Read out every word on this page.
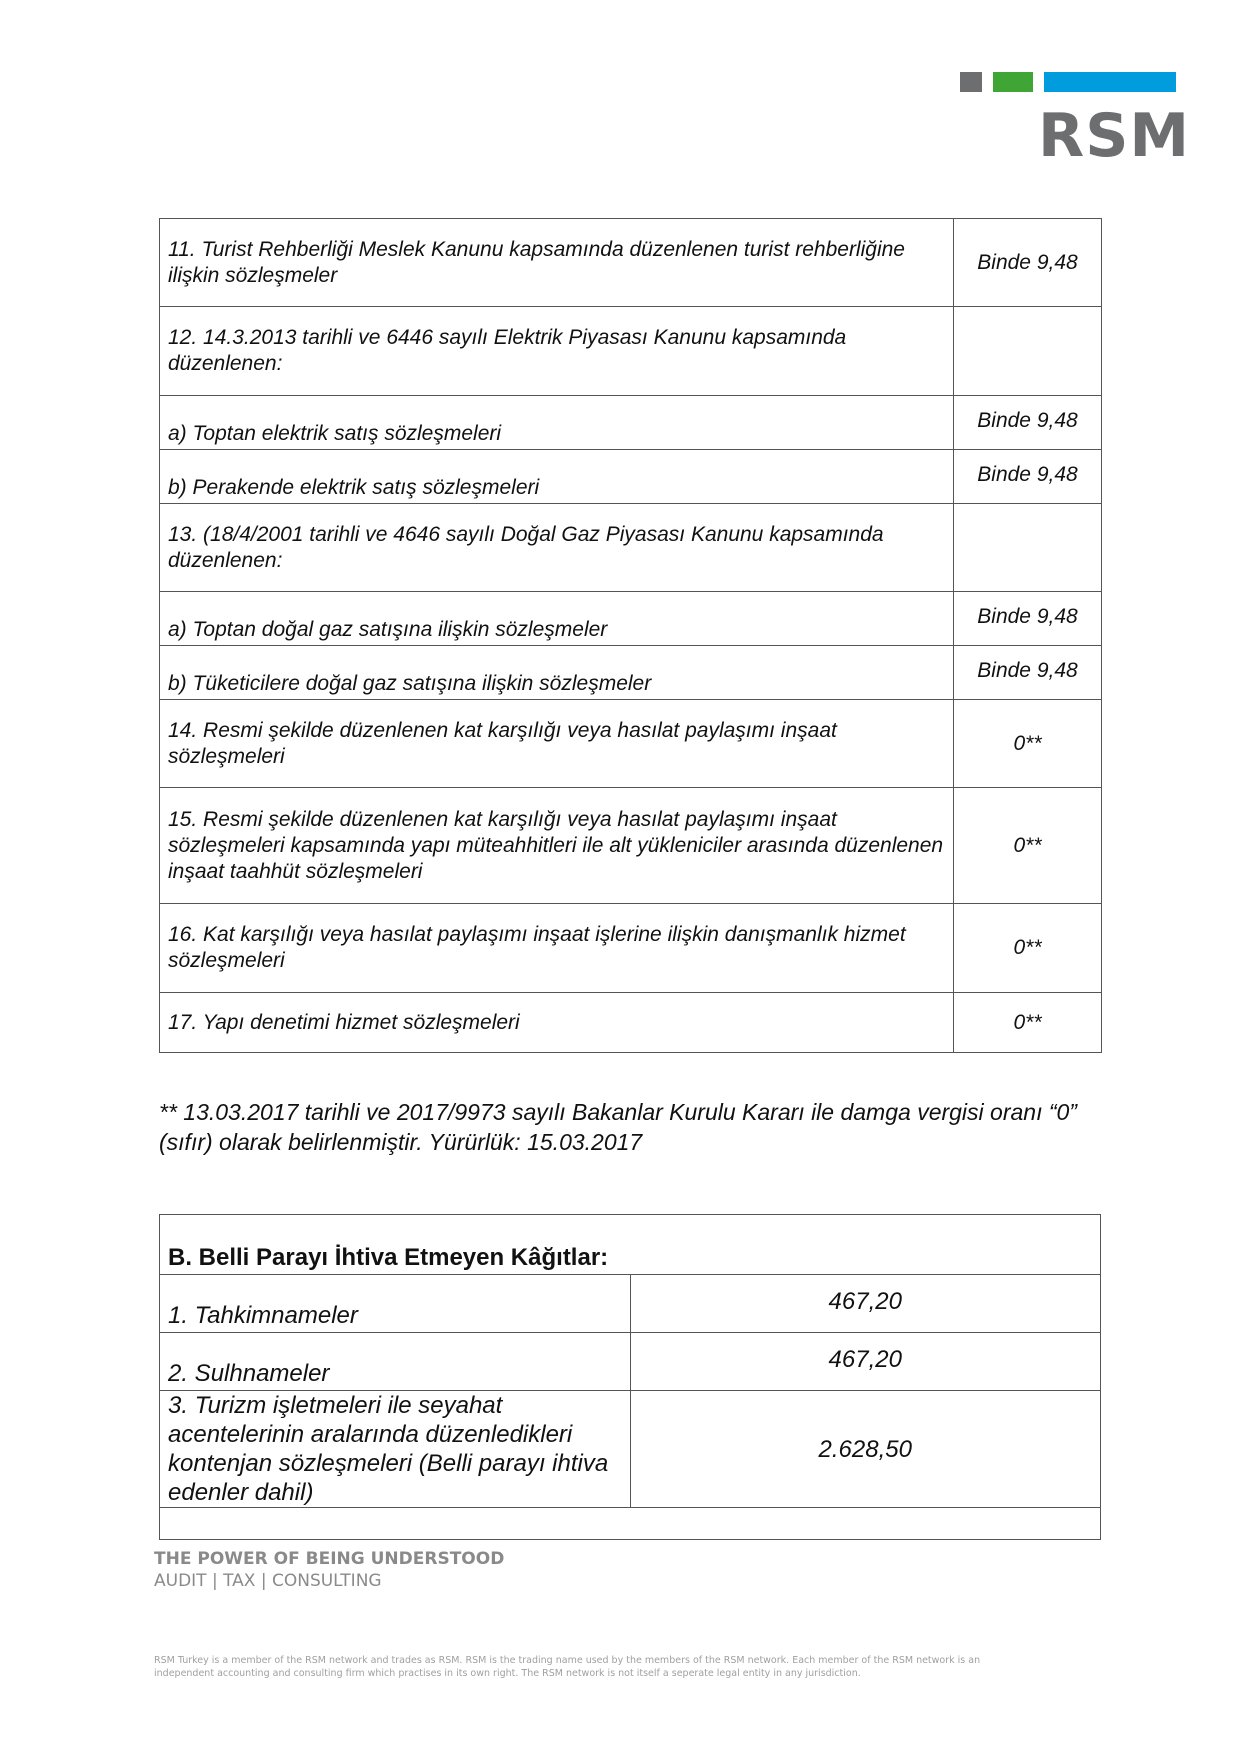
RSM
11. Turist Rehberliği Meslek Kanunu kapsamında düzenlenen turist rehberliğine ilişkin sözleşmeler	Binde 9,48
12. 14.3.2013 tarihli ve 6446 sayılı Elektrik Piyasası Kanunu kapsamında düzenlenen:	
a) Toptan elektrik satış sözleşmeleri	Binde 9,48
b) Perakende elektrik satış sözleşmeleri	Binde 9,48
13. (18/4/2001 tarihli ve 4646 sayılı Doğal Gaz Piyasası Kanunu kapsamında düzenlenen:	
a) Toptan doğal gaz satışına ilişkin sözleşmeler	Binde 9,48
b) Tüketicilere doğal gaz satışına ilişkin sözleşmeler	Binde 9,48
14. Resmi şekilde düzenlenen kat karşılığı veya hasılat paylaşımı inşaat sözleşmeleri	0**
15. Resmi şekilde düzenlenen kat karşılığı veya hasılat paylaşımı inşaat sözleşmeleri kapsamında yapı müteahhitleri ile alt yükleniciler arasında düzenlenen inşaat taahhüt sözleşmeleri	0**
16. Kat karşılığı veya hasılat paylaşımı inşaat işlerine ilişkin danışmanlık hizmet sözleşmeleri	0**
17. Yapı denetimi hizmet sözleşmeleri	0**
** 13.03.2017 tarihli ve 2017/9973 sayılı Bakanlar Kurulu Kararı ile damga vergisi oranı “0” (sıfır) olarak belirlenmiştir. Yürürlük: 15.03.2017
B. Belli Parayı İhtiva Etmeyen Kâğıtlar:	
1. Tahkimnameler	467,20
2. Sulhnameler	467,20
3. Turizm işletmeleri ile seyahat acentelerinin aralarında düzenledikleri kontenjan sözleşmeleri (Belli parayı ihtiva edenler dahil)	2.628,50

THE POWER OF BEING UNDERSTOOD
AUDIT | TAX | CONSULTING
RSM Turkey is a member of the RSM network and trades as RSM. RSM is the trading name used by the members of the RSM network. Each member of the RSM network is an independent accounting and consulting firm which practises in its own right. The RSM network is not itself a seperate legal entity in any jurisdiction.
